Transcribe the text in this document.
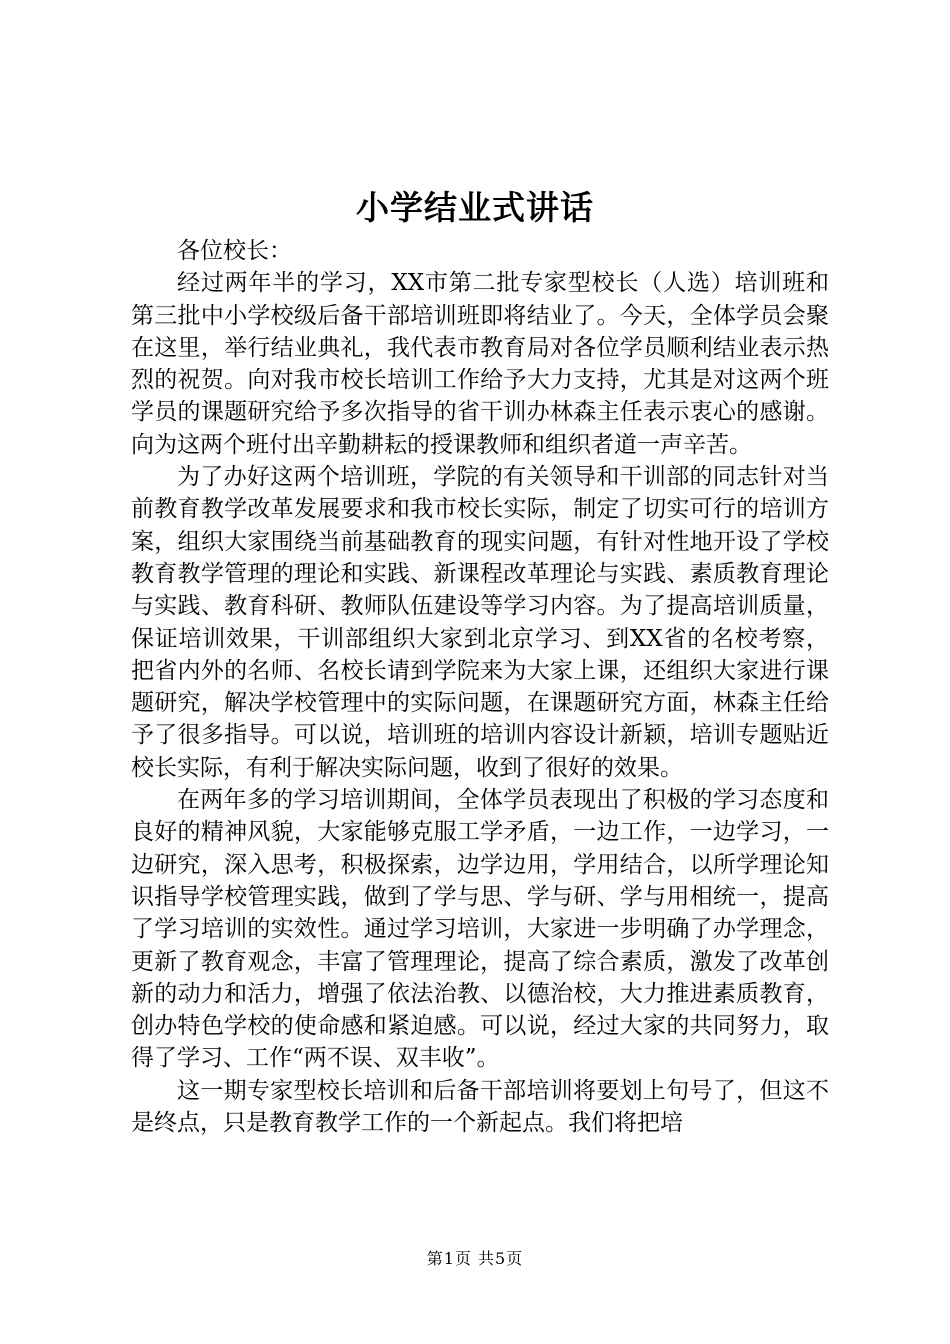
小学结业式讲话

各位校长：

经过两年半的学习，XX市第二批专家型校长（人选）培训班和第三批中小学校级后备干部培训班即将结业了。今天，全体学员会聚在这里，举行结业典礼，我代表市教育局对各位学员顺利结业表示热烈的祝贺。向对我市校长培训工作给予大力支持，尤其是对这两个班学员的课题研究给予多次指导的省干训办林森主任表示衷心的感谢。向为这两个班付出辛勤耕耘的授课教师和组织者道一声辛苦。

为了办好这两个培训班，学院的有关领导和干训部的同志针对当前教育教学改革发展要求和我市校长实际，制定了切实可行的培训方案，组织大家围绕当前基础教育的现实问题，有针对性地开设了学校教育教学管理的理论和实践、新课程改革理论与实践、素质教育理论与实践、教育科研、教师队伍建设等学习内容。为了提高培训质量，保证培训效果，干训部组织大家到北京学习、到XX省的名校考察，把省内外的名师、名校长请到学院来为大家上课，还组织大家进行课题研究，解决学校管理中的实际问题，在课题研究方面，林森主任给予了很多指导。可以说，培训班的培训内容设计新颖，培训专题贴近校长实际，有利于解决实际问题，收到了很好的效果。

在两年多的学习培训期间，全体学员表现出了积极的学习态度和良好的精神风貌，大家能够克服工学矛盾，一边工作，一边学习，一边研究，深入思考，积极探索，边学边用，学用结合，以所学理论知识指导学校管理实践，做到了学与思、学与研、学与用相统一，提高了学习培训的实效性。通过学习培训，大家进一步明确了办学理念，更新了教育观念，丰富了管理理论，提高了综合素质，激发了改革创新的动力和活力，增强了依法治教、以德治校，大力推进素质教育，创办特色学校的使命感和紧迫感。可以说，经过大家的共同努力，取得了学习、工作“两不误、双丰收”。

这一期专家型校长培训和后备干部培训将要划上句号了，但这不是终点，只是教育教学工作的一个新起点。我们将把培

第1页 共5页
